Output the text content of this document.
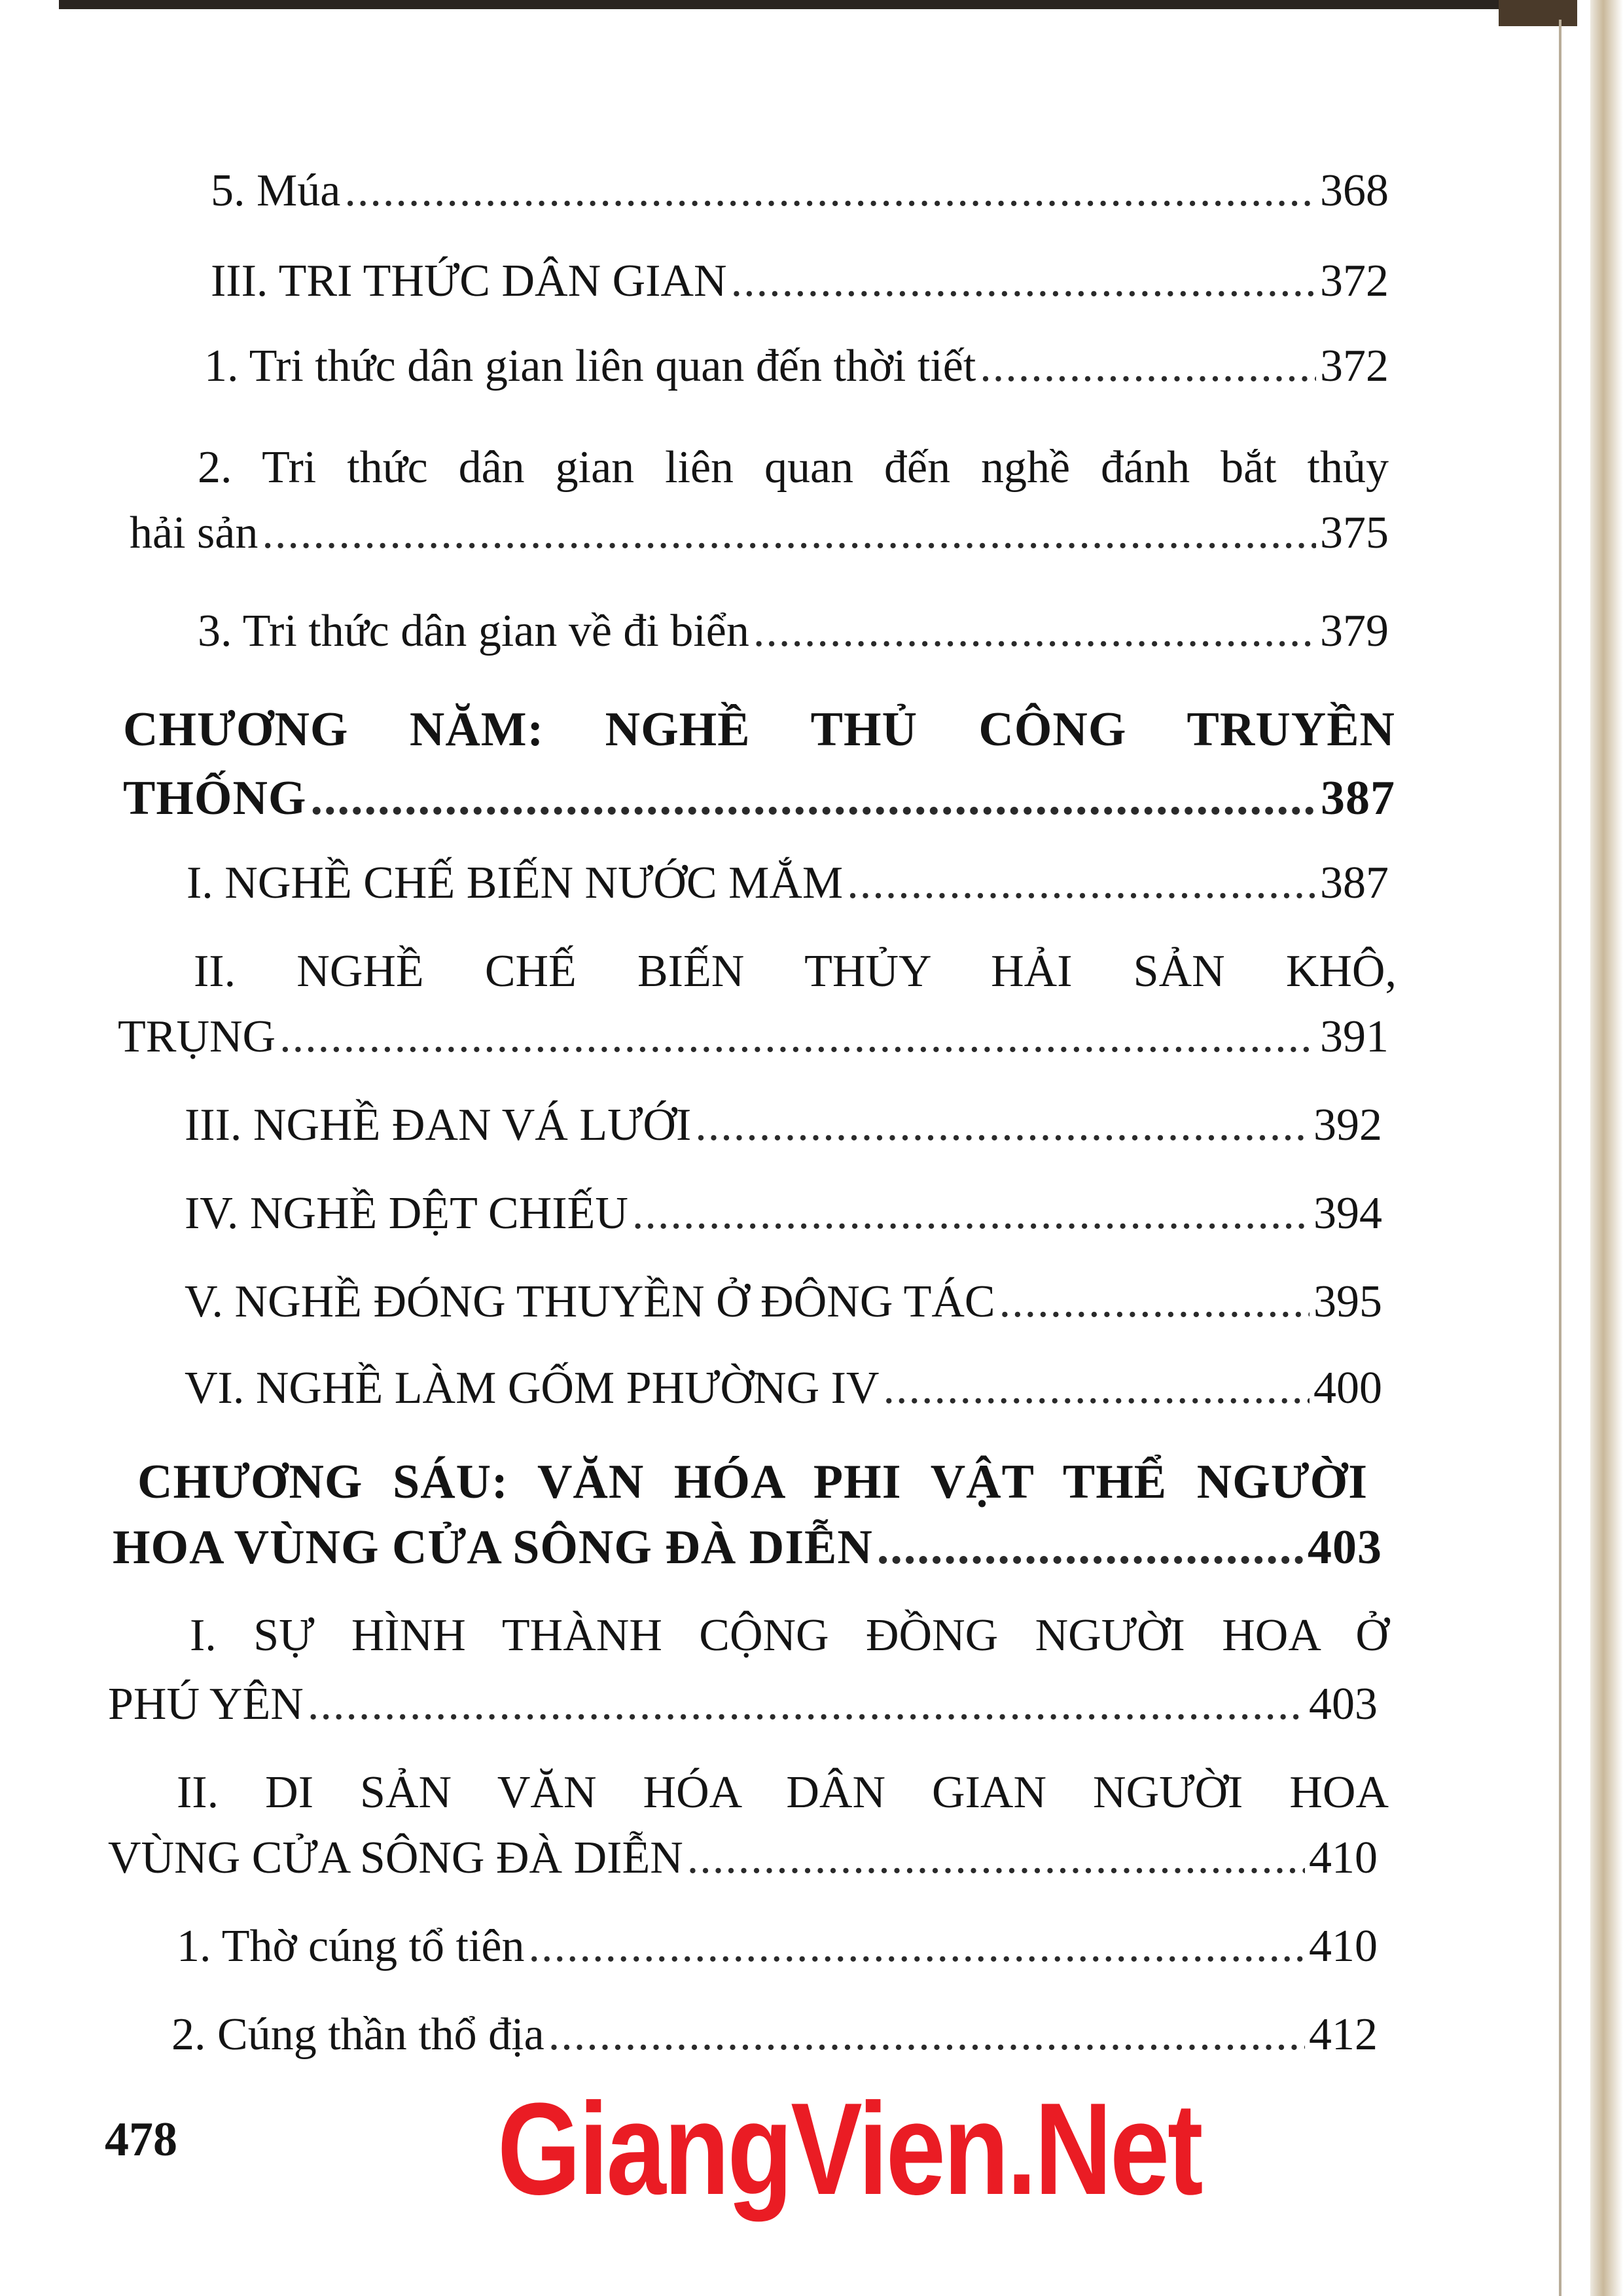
5. Múa .....	368
III. TRI THỨC DÂN GIAN .....	372
1. Tri thức dân gian liên quan đến thời tiết .....	372
2. Tri thức dân gian liên quan đến nghề đánh bắt thủy
hải sản .....	375
3. Tri thức dân gian về đi biển .....	379
CHƯƠNG NĂM: NGHỀ THỦ CÔNG TRUYỀN
THỐNG .....	387
I. NGHỀ CHẾ BIẾN NƯỚC MẮM .....	387
II. NGHỀ CHẾ BIẾN THỦY HẢI SẢN KHÔ,
TRỤNG .....	391
III. NGHỀ ĐAN VÁ LƯỚI .....	392
IV. NGHỀ DỆT CHIẾU .....	394
V. NGHỀ ĐÓNG THUYỀN Ở ĐÔNG TÁC .....	395
VI. NGHỀ LÀM GỐM PHƯỜNG IV .....	400
CHƯƠNG SÁU: VĂN HÓA PHI VẬT THỂ NGƯỜI
HOA VÙNG CỬA SÔNG ĐÀ DIỄN .....	403
I. SỰ HÌNH THÀNH CỘNG ĐỒNG NGƯỜI HOA Ở
PHÚ YÊN .....	403
II. DI SẢN VĂN HÓA DÂN GIAN NGƯỜI HOA
VÙNG CỬA SÔNG ĐÀ DIỄN .....	410
1. Thờ cúng tổ tiên .....	410
2. Cúng thần thổ địa .....	412
478 GiangVien.Net
